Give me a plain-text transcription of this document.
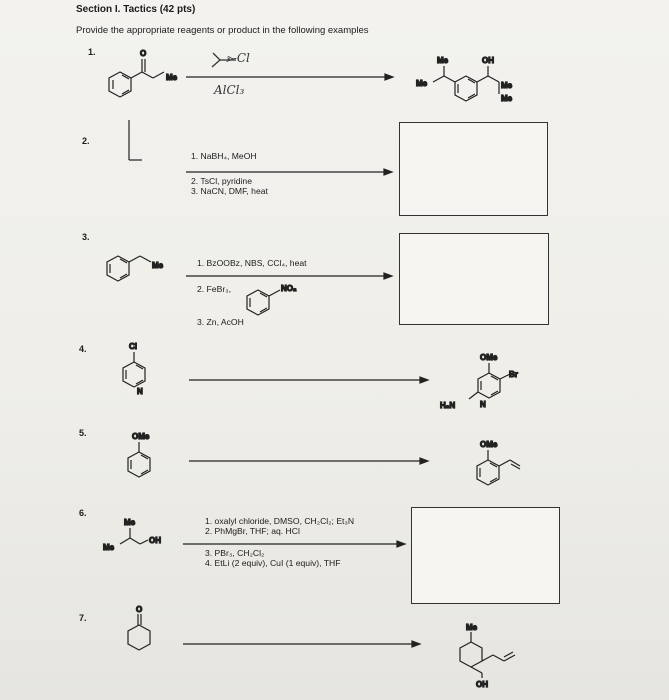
Section I. Tactics (42 pts)
Provide the appropriate reagents or product in the following examples
1.
2.
3.
4.
5.
6.
7.
⪢-Cl
AlCl₃
1. NaBH₄, MeOH
2. TsCl, pyridine
3. NaCN, DMF, heat
1. BzOOBz, NBS, CCl₄, heat
2. FeBr₃,
3. Zn, AcOH
1. oxalyl chloride, DMSO, CH₂Cl₂; Et₃N
2. PhMgBr, THF; aq. HCl
3. PBr₃, CH₂Cl₂
4. EtLi (2 equiv), CuI (1 equiv), THF
O
Me
Me	OH
Me	Me
Me
Me
NO₂
Cl
N
OMe
Br
H₂N	N
OMe
OMe
Me
Me
OH
O
Me
OH
